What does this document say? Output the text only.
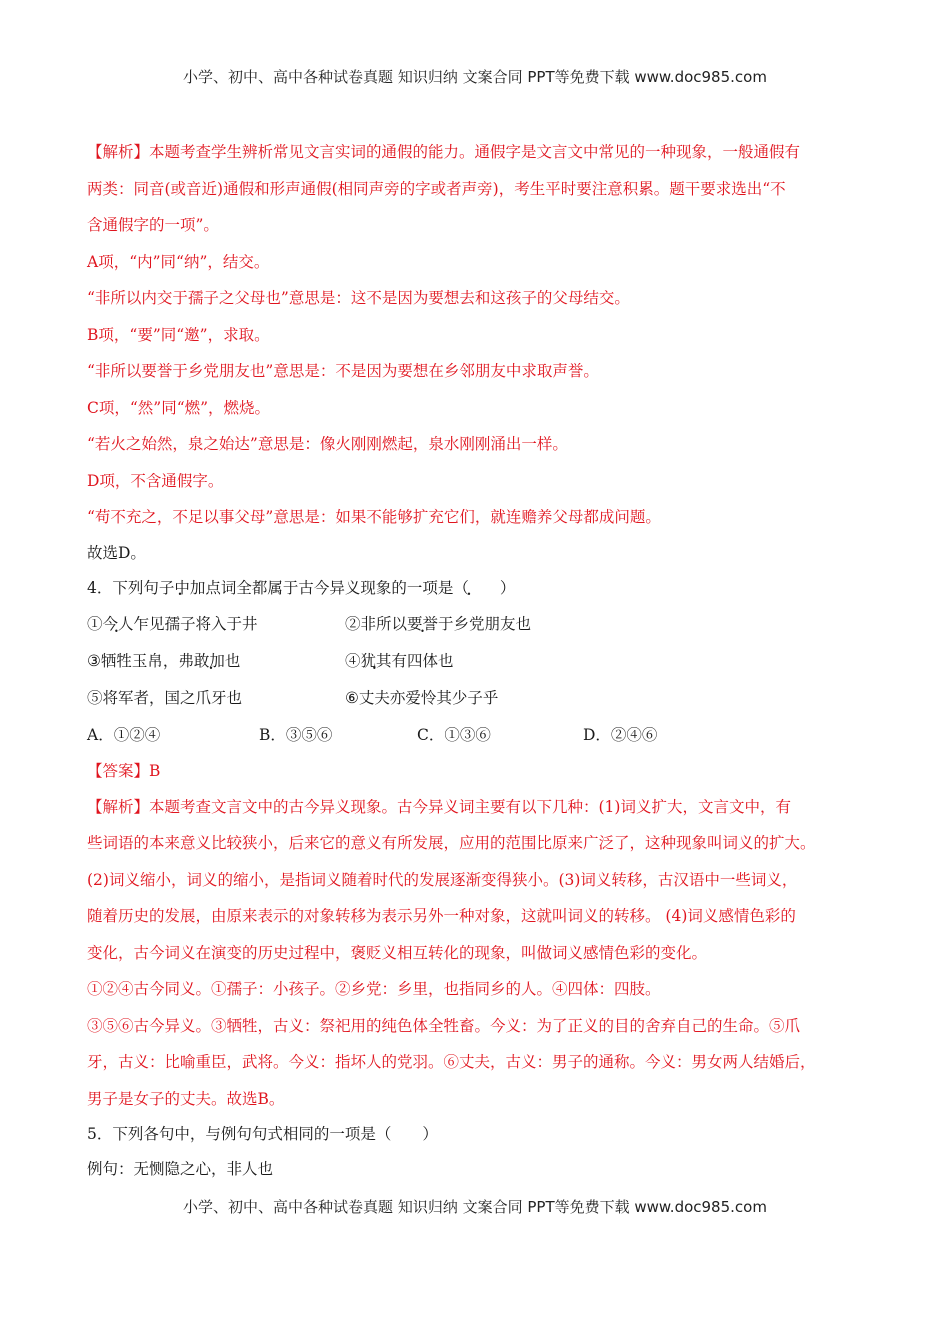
小学、初中、高中各种试卷真题 知识归纳 文案合同 PPT等免费下载 www.doc985.com

【解析】本题考查学生辨析常见文言实词的通假的能力。通假字是文言文中常见的一种现象，一般通假有

两类：同音(或音近)通假和形声通假(相同声旁的字或者声旁)，考生平时要注意积累。题干要求选出“不

含通假字的一项”。

A项，“内”同“纳”，结交。

“非所以内交于孺子之父母也”意思是：这不是因为要想去和这孩子的父母结交。

B项，“要”同“邀”，求取。

“非所以要誉于乡党朋友也”意思是：不是因为要想在乡邻朋友中求取声誉。

C项，“然”同“燃”，燃烧。

“若火之始然，泉之始达”意思是：像火刚刚燃起，泉水刚刚涌出一样。

D项，不含通假字。

“苟不充之，不足以事父母”意思是：如果不能够扩充它们，就连赡养父母都成问题。

故选D。

4．下列句子中加点词全都属于古今异义现象的一项是（　　）

①今人乍见孺子将入于井	②非所以要誉于乡党朋友也
③牺牲玉帛，弗敢加也	④犹其有四体也
⑤将军者，国之爪牙也	⑥丈夫亦爱怜其少子乎
A．①②④	B．③⑤⑥	C．①③⑥	D．②④⑥

【答案】B

【解析】本题考查文言文中的古今异义现象。古今异义词主要有以下几种：(1)词义扩大，文言文中，有

些词语的本来意义比较狭小，后来它的意义有所发展，应用的范围比原来广泛了，这种现象叫词义的扩大。

(2)词义缩小，词义的缩小，是指词义随着时代的发展逐渐变得狭小。(3)词义转移，古汉语中一些词义，

随着历史的发展，由原来表示的对象转移为表示另外一种对象，这就叫词义的转移。 (4)词义感情色彩的

变化，古今词义在演变的历史过程中，褒贬义相互转化的现象，叫做词义感情色彩的变化。

①②④古今同义。①孺子：小孩子。②乡党：乡里，也指同乡的人。④四体：四肢。

③⑤⑥古今异义。③牺牲，古义：祭祀用的纯色体全牲畜。今义：为了正义的目的舍弃自己的生命。⑤爪

牙，古义：比喻重臣，武将。今义：指坏人的党羽。⑥丈夫，古义：男子的通称。今义：男女两人结婚后，

男子是女子的丈夫。故选B。

5．下列各句中，与例句句式相同的一项是（　　）

例句：无恻隐之心，非人也

小学、初中、高中各种试卷真题 知识归纳 文案合同 PPT等免费下载 www.doc985.com
